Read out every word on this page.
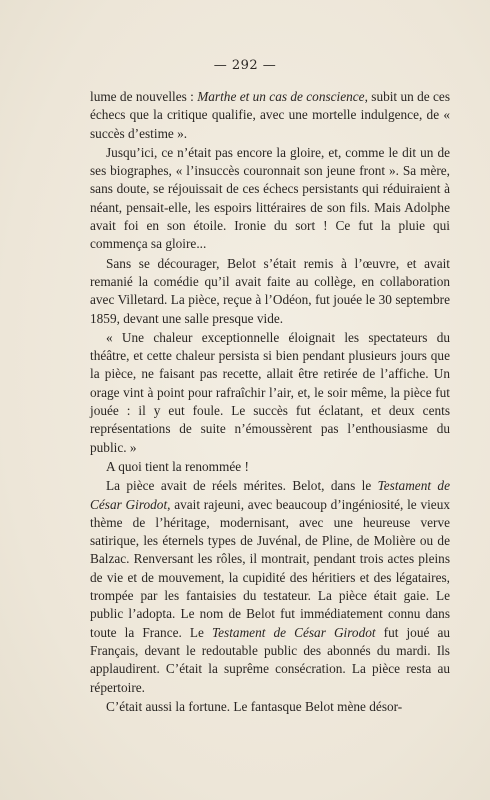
— 292 —

lume de nouvelles : Marthe et un cas de conscience, subit un de ces échecs que la critique qualifie, avec une mortelle indulgence, de « succès d’estime ».

Jusqu’ici, ce n’était pas encore la gloire, et, comme le dit un de ses biographes, « l’insuccès couronnait son jeune front ». Sa mère, sans doute, se réjouissait de ces échecs persistants qui réduiraient à néant, pensait-elle, les espoirs littéraires de son fils. Mais Adolphe avait foi en son étoile. Ironie du sort ! Ce fut la pluie qui commença sa gloire...

Sans se décourager, Belot s’était remis à l’œuvre, et avait remanié la comédie qu’il avait faite au collège, en collaboration avec Villetard. La pièce, reçue à l’Odéon, fut jouée le 30 septembre 1859, devant une salle presque vide.

« Une chaleur exceptionnelle éloignait les spectateurs du théâtre, et cette chaleur persista si bien pendant plusieurs jours que la pièce, ne faisant pas recette, allait être retirée de l’affiche. Un orage vint à point pour rafraîchir l’air, et, le soir même, la pièce fut jouée : il y eut foule. Le succès fut éclatant, et deux cents représentations de suite n’émoussèrent pas l’enthousiasme du public. »

A quoi tient la renommée !

La pièce avait de réels mérites. Belot, dans le Testament de César Girodot, avait rajeuni, avec beaucoup d’ingéniosité, le vieux thème de l’héritage, modernisant, avec une heureuse verve satirique, les éternels types de Juvénal, de Pline, de Molière ou de Balzac. Renversant les rôles, il montrait, pendant trois actes pleins de vie et de mouvement, la cupidité des héritiers et des légataires, trompée par les fantaisies du testateur. La pièce était gaie. Le public l’adopta. Le nom de Belot fut immédiatement connu dans toute la France. Le Testament de César Girodot fut joué au Français, devant le redoutable public des abonnés du mardi. Ils applaudirent. C’était la suprême consécration. La pièce resta au répertoire.

C’était aussi la fortune. Le fantasque Belot mène désor-
